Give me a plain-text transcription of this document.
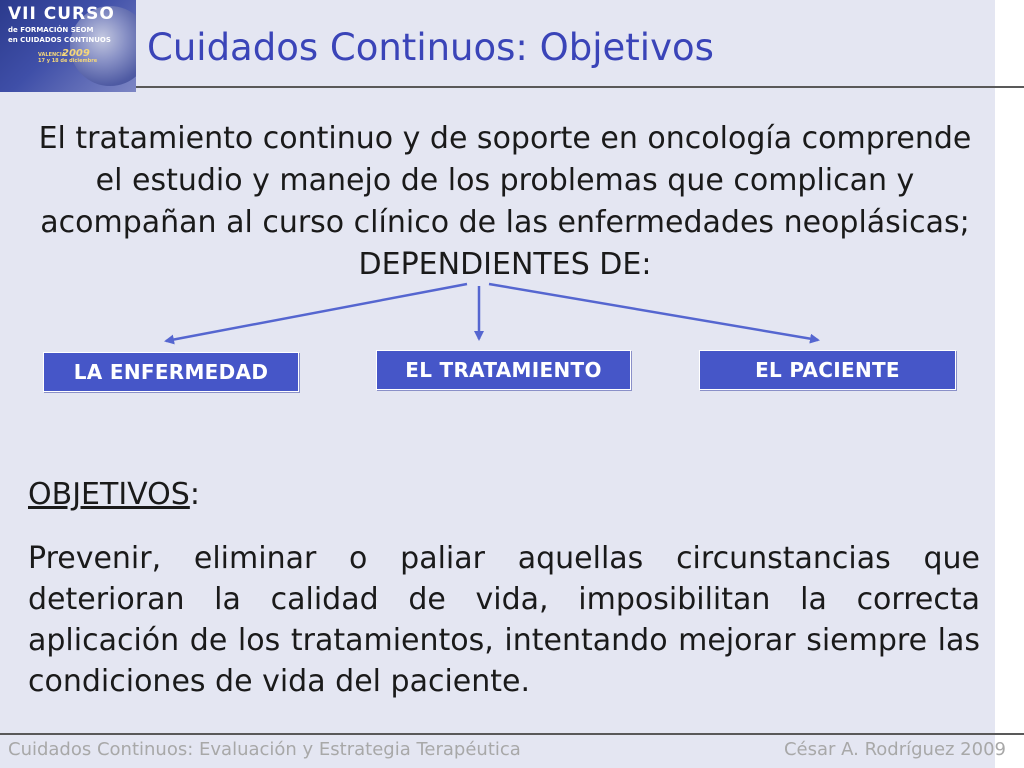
VII CURSO
de FORMACIÓN SEOM
en CUIDADOS CONTINUOS
VALENCIA
17 y 18 de diciembre
2009 Cuidados Continuos: Objetivos

El tratamiento continuo y de soporte en oncología comprende el estudio y manejo de los problemas que complican y acompañan al curso clínico de las enfermedades neoplásicas; DEPENDIENTES DE:

LA ENFERMEDAD	EL TRATAMIENTO	EL PACIENTE

OBJETIVOS:

Prevenir, eliminar o paliar aquellas circunstancias que deterioran la calidad de vida, imposibilitan la correcta aplicación de los tratamientos, intentando mejorar siempre las condiciones de vida del paciente.

Cuidados Continuos: Evaluación y Estrategia Terapéutica	César A. Rodríguez 2009
